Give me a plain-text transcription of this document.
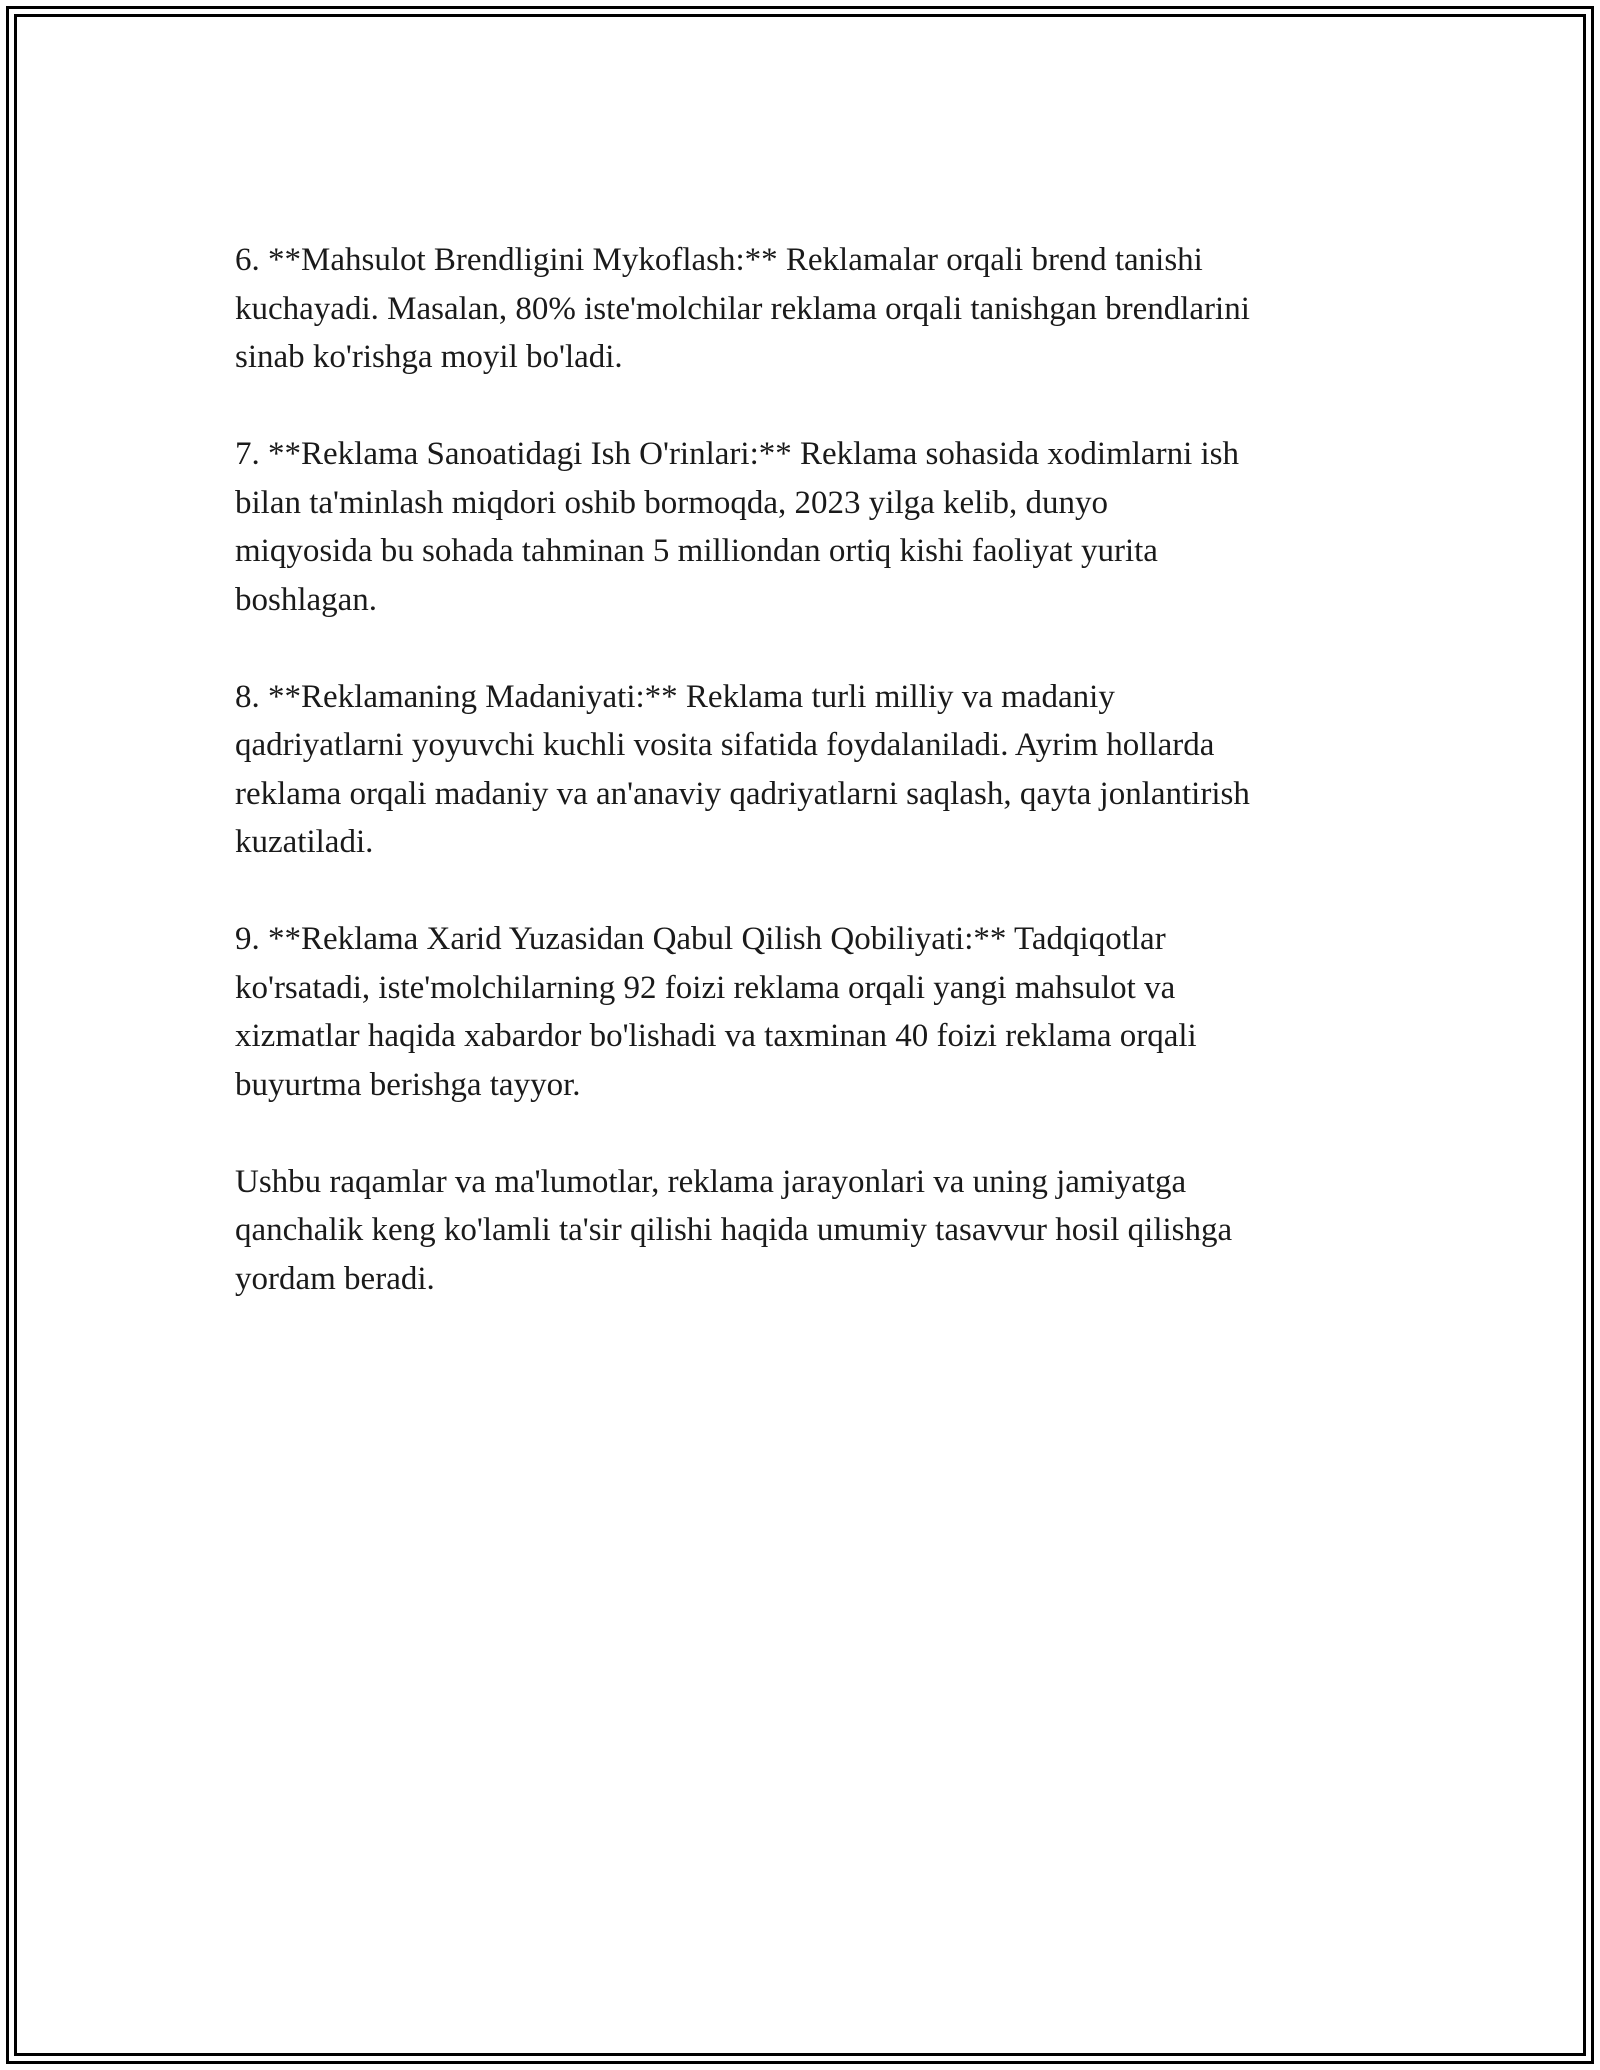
6. **Mahsulot Brendligini Mykoflash:** Reklamalar orqali brend tanishi
kuchayadi. Masalan, 80% iste'molchilar reklama orqali tanishgan brendlarini
sinab ko'rishga moyil bo'ladi.

7. **Reklama Sanoatidagi Ish O'rinlari:** Reklama sohasida xodimlarni ish
bilan ta'minlash miqdori oshib bormoqda, 2023 yilga kelib, dunyo
miqyosida bu sohada tahminan 5 milliondan ortiq kishi faoliyat yurita
boshlagan.

8. **Reklamaning Madaniyati:** Reklama turli milliy va madaniy
qadriyatlarni yoyuvchi kuchli vosita sifatida foydalaniladi. Ayrim hollarda
reklama orqali madaniy va an'anaviy qadriyatlarni saqlash, qayta jonlantirish
kuzatiladi.

9. **Reklama Xarid Yuzasidan Qabul Qilish Qobiliyati:** Tadqiqotlar
ko'rsatadi, iste'molchilarning 92 foizi reklama orqali yangi mahsulot va
xizmatlar haqida xabardor bo'lishadi va taxminan 40 foizi reklama orqali
buyurtma berishga tayyor.

Ushbu raqamlar va ma'lumotlar, reklama jarayonlari va uning jamiyatga
qanchalik keng ko'lamli ta'sir qilishi haqida umumiy tasavvur hosil qilishga
yordam beradi.
